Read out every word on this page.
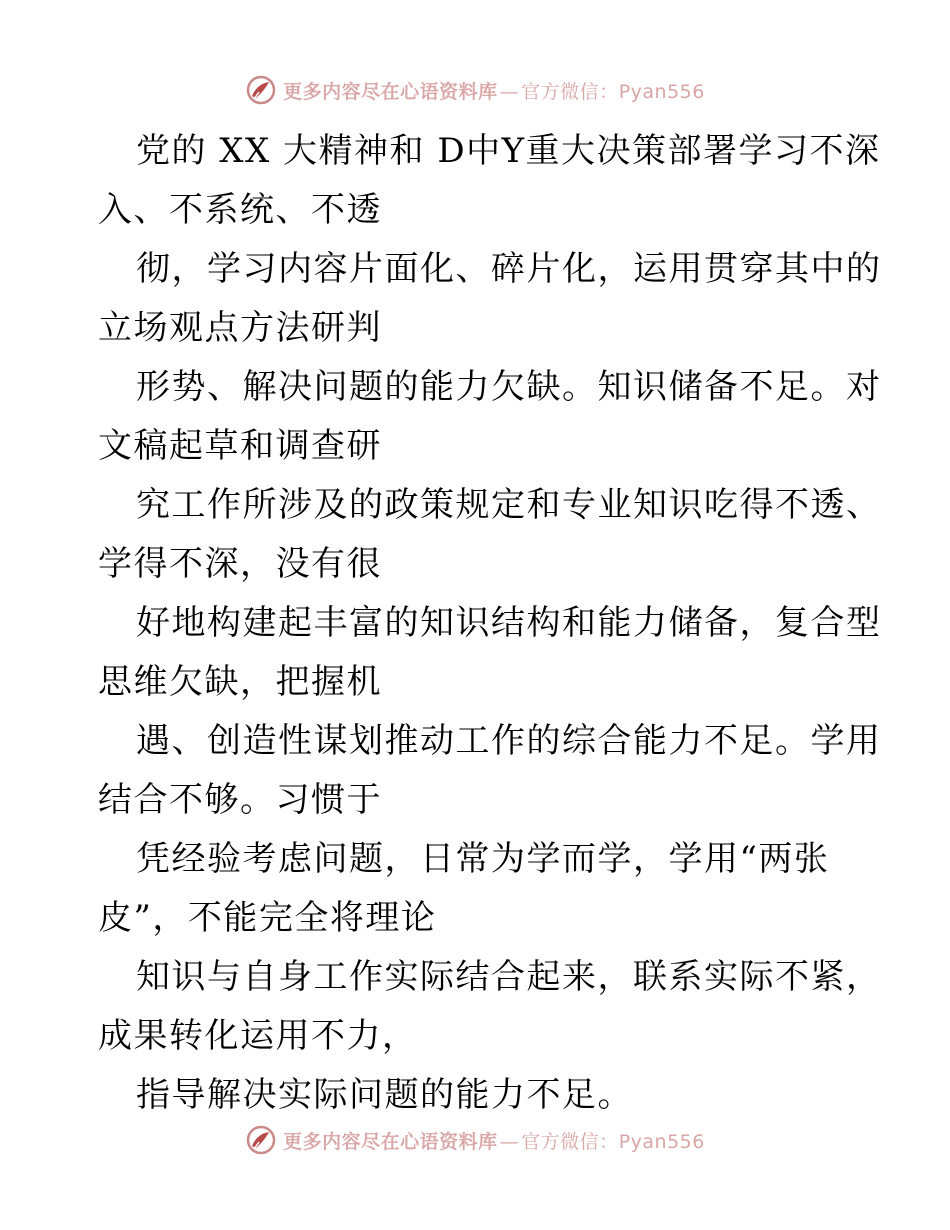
更多内容尽在心语资料库 — 官方微信：Pyan556
党的 XX 大精神和 D中Y重大决策部署学习不深
入、不系统、不透
彻，学习内容片面化、碎片化，运用贯穿其中的
立场观点方法研判
形势、解决问题的能力欠缺。知识储备不足。对
文稿起草和调查研
究工作所涉及的政策规定和专业知识吃得不透、
学得不深，没有很
好地构建起丰富的知识结构和能力储备，复合型
思维欠缺，把握机
遇、创造性谋划推动工作的综合能力不足。学用
结合不够。习惯于
凭经验考虑问题，日常为学而学，学用“两张
皮”，不能完全将理论
知识与自身工作实际结合起来，联系实际不紧，
成果转化运用不力，
指导解决实际问题的能力不足。
更多内容尽在心语资料库 — 官方微信：Pyan556
